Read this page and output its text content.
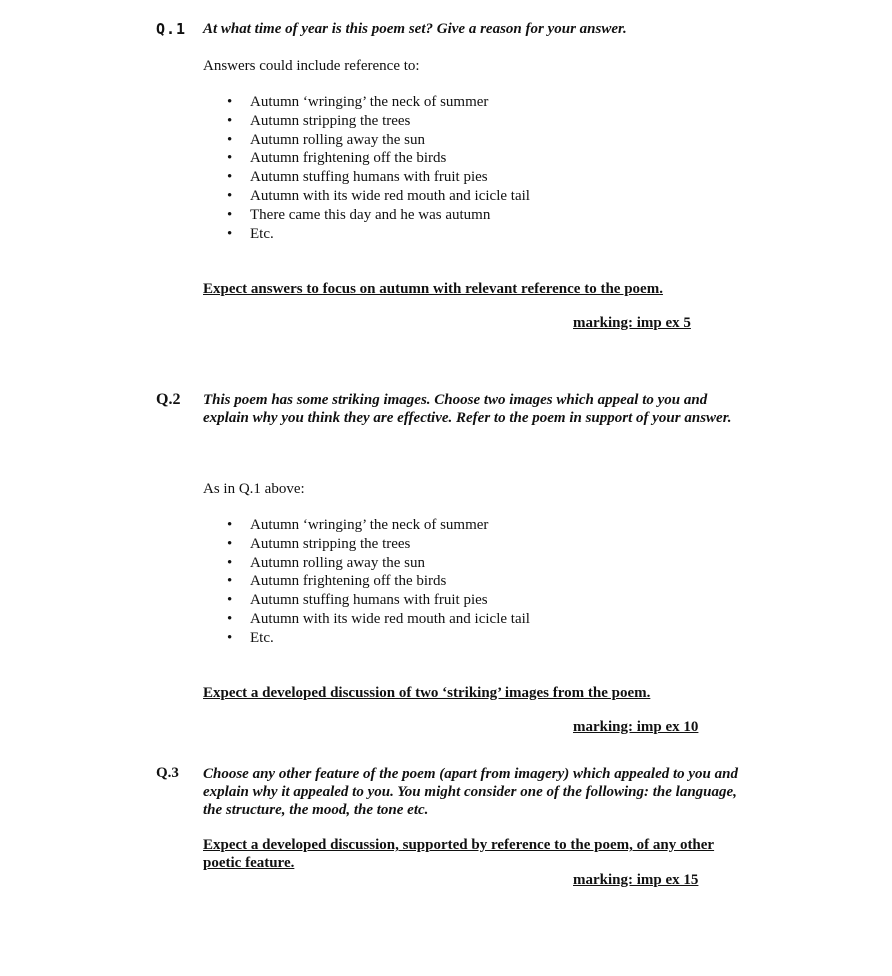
Q.1 At what time of year is this poem set? Give a reason for your answer.
Answers could include reference to:
• Autumn ‘wringing’ the neck of summer
• Autumn stripping the trees
• Autumn rolling away the sun
• Autumn frightening off the birds
• Autumn stuffing humans with fruit pies
• Autumn with its wide red mouth and icicle tail
• There came this day and he was autumn
• Etc.
Expect answers to focus on autumn with relevant reference to the poem.
marking: imp ex 5
Q.2 This poem has some striking images. Choose two images which appeal to you and explain why you think they are effective. Refer to the poem in support of your answer.
As in Q.1 above:
• Autumn ‘wringing’ the neck of summer
• Autumn stripping the trees
• Autumn rolling away the sun
• Autumn frightening off the birds
• Autumn stuffing humans with fruit pies
• Autumn with its wide red mouth and icicle tail
• Etc.
Expect a developed discussion of two ‘striking’ images from the poem.
marking: imp ex 10
Q.3 Choose any other feature of the poem (apart from imagery) which appealed to you and explain why it appealed to you. You might consider one of the following: the language, the structure, the mood, the tone etc.
Expect a developed discussion, supported by reference to the poem, of any other poetic feature.
marking: imp ex 15
